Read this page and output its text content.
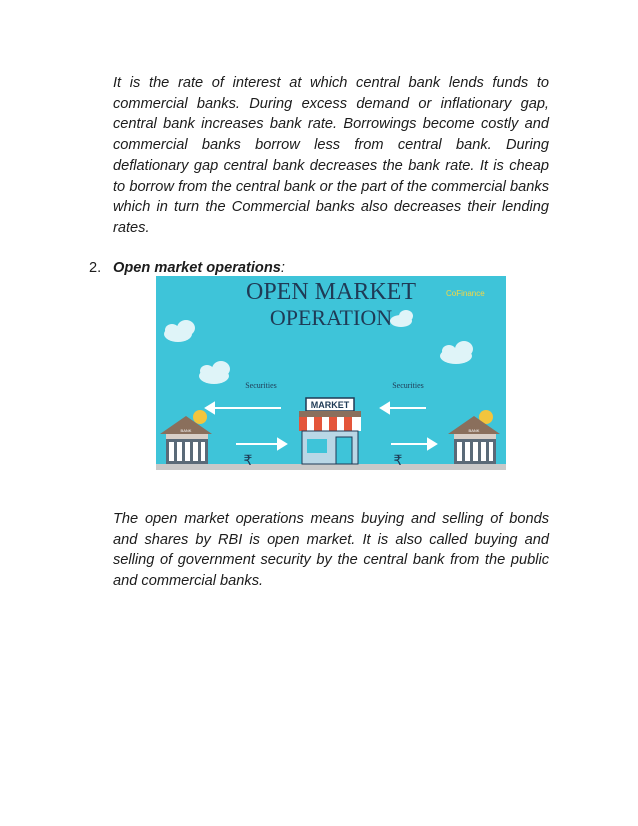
It is the rate of interest at which central bank lends funds to commercial banks. During excess demand or inflationary gap, central bank increases bank rate. Borrowings become costly and commercial banks borrow less from central bank. During deflationary gap central bank decreases the bank rate. It is cheap to borrow from the central bank or the part of the commercial banks which in turn the Commercial banks also decreases their lending rates.

2. Open market operations:
OPEN MARKET
OPERATION
CoFinance
Securities	Securities
₹	₹
BANK	BANK
MARKET

The open market operations means buying and selling of bonds and shares by RBI is open market. It is also called buying and selling of government security by the central bank from the public and commercial banks.
